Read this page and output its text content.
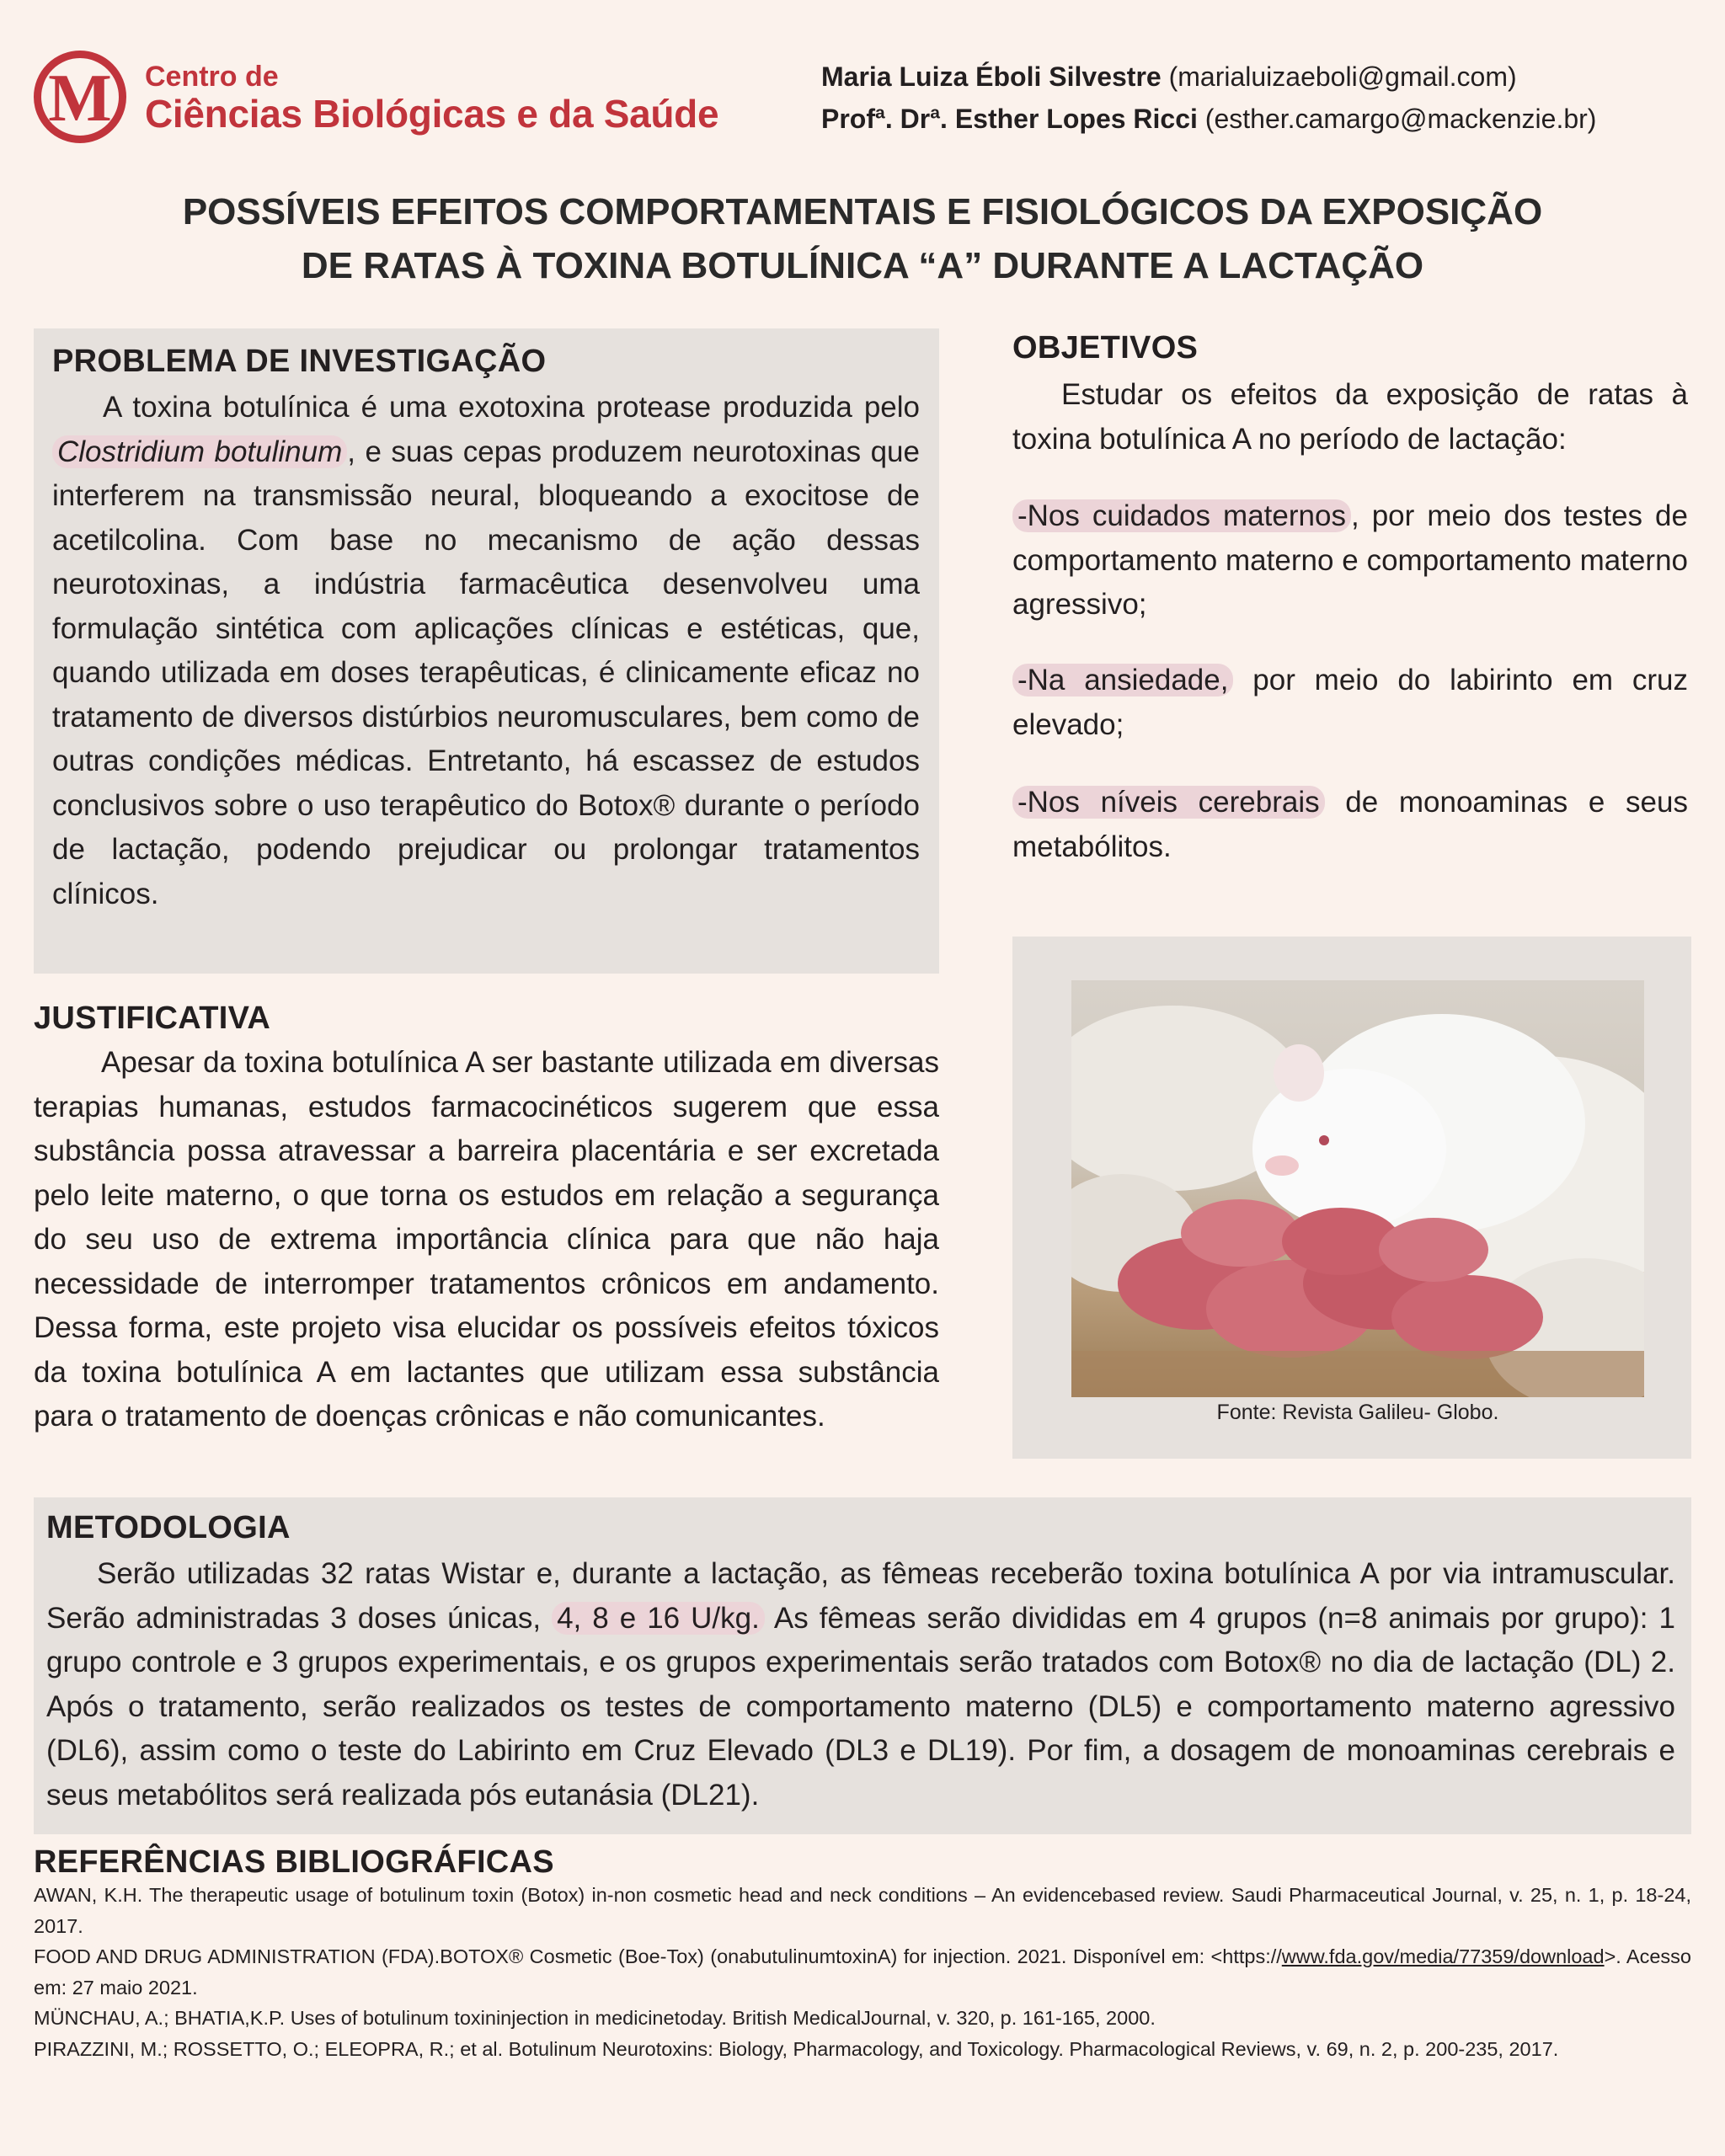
M Centro de
Ciências Biológicas e da Saúde
Maria Luiza Éboli Silvestre (marialuizaeboli@gmail.com)
Profª. Drª. Esther Lopes Ricci (esther.camargo@mackenzie.br)
POSSÍVEIS EFEITOS COMPORTAMENTAIS E FISIOLÓGICOS DA EXPOSIÇÃO
DE RATAS À TOXINA BOTULÍNICA “A” DURANTE A LACTAÇÃO
PROBLEMA DE INVESTIGAÇÃO
A toxina botulínica é uma exotoxina protease produzida pelo Clostridium botulinum , e suas cepas produzem neurotoxinas que interferem na transmissão neural, bloqueando a exocitose de acetilcolina. Com base no mecanismo de ação dessas neurotoxinas, a indústria farmacêutica desenvolveu uma formulação sintética com aplicações clínicas e estéticas, que, quando utilizada em doses terapêuticas, é clinicamente eficaz no tratamento de diversos distúrbios neuromusculares, bem como de outras condições médicas. Entretanto, há escassez de estudos conclusivos sobre o uso terapêutico do Botox® durante o período de lactação, podendo prejudicar ou prolongar tratamentos clínicos.
JUSTIFICATIVA
Apesar da toxina botulínica A ser bastante utilizada em diversas terapias humanas, estudos farmacocinéticos sugerem que essa substância possa atravessar a barreira placentária e ser excretada pelo leite materno, o que torna os estudos em relação a segurança do seu uso de extrema importância clínica para que não haja necessidade de interromper tratamentos crônicos em andamento. Dessa forma, este projeto visa elucidar os possíveis efeitos tóxicos da toxina botulínica A em lactantes que utilizam essa substância para o tratamento de doenças crônicas e não comunicantes.
OBJETIVOS
Estudar os efeitos da exposição de ratas à toxina botulínica A no período de lactação:
-Nos cuidados maternos , por meio dos testes de comportamento materno e comportamento materno agressivo;
-Na ansiedade, por meio do labirinto em cruz elevado;
-Nos níveis cerebrais de monoaminas e seus metabólitos.
Fonte: Revista Galileu- Globo.
METODOLOGIA
Serão utilizadas 32 ratas Wistar e, durante a lactação, as fêmeas receberão toxina botulínica A por via intramuscular. Serão administradas 3 doses únicas, 4, 8 e 16 U/kg. As fêmeas serão divididas em 4 grupos (n=8 animais por grupo): 1 grupo controle e 3 grupos experimentais, e os grupos experimentais serão tratados com Botox® no dia de lactação (DL) 2. Após o tratamento, serão realizados os testes de comportamento materno (DL5) e comportamento materno agressivo (DL6), assim como o teste do Labirinto em Cruz Elevado (DL3 e DL19). Por fim, a dosagem de monoaminas cerebrais e seus metabólitos será realizada pós eutanásia (DL21).
REFERÊNCIAS BIBLIOGRÁFICAS

AWAN, K.H. The therapeutic usage of botulinum toxin (Botox) in-non cosmetic head and neck conditions – An evidencebased review. Saudi Pharmaceutical Journal, v. 25, n. 1, p. 18-24, 2017.

FOOD AND DRUG ADMINISTRATION (FDA).BOTOX® Cosmetic (Boe-Tox) (onabutulinumtoxinA) for injection. 2021. Disponível em: <https://www.fda.gov/media/77359/download>. Acesso em: 27 maio 2021.

MÜNCHAU, A.; BHATIA,K.P. Uses of botulinum toxininjection in medicinetoday. British MedicalJournal, v. 320, p. 161-165, 2000.

PIRAZZINI, M.; ROSSETTO, O.; ELEOPRA, R.; et al. Botulinum Neurotoxins: Biology, Pharmacology, and Toxicology. Pharmacological Reviews, v. 69, n. 2, p. 200-235, 2017.
